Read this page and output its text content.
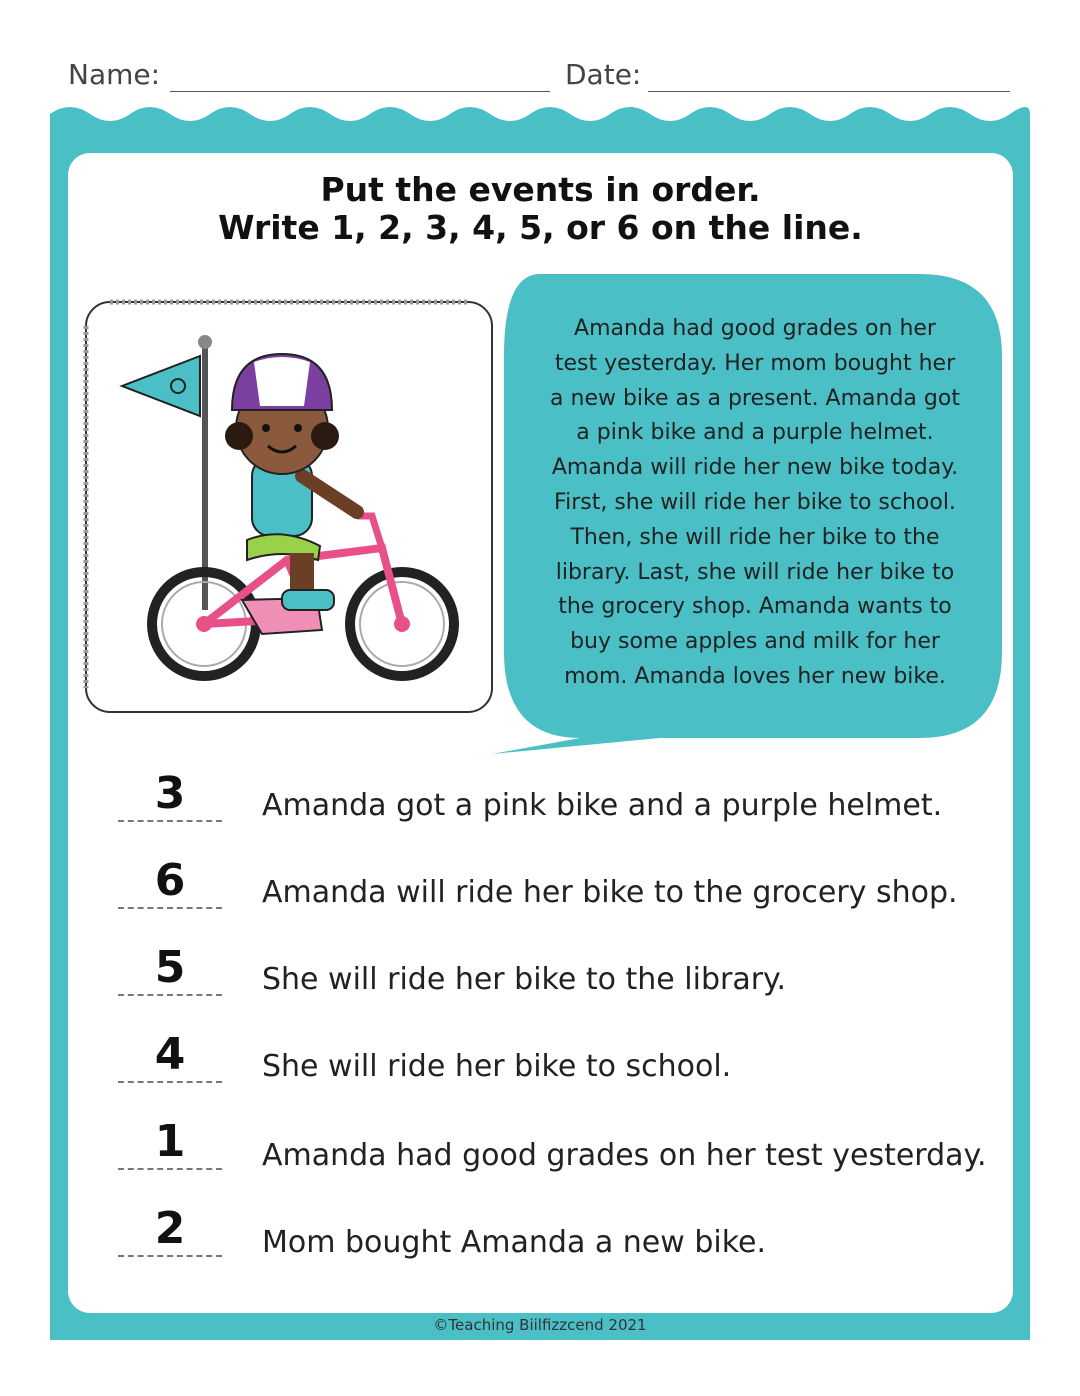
Name:	Date:
Put the events in order.
Write 1, 2, 3, 4, 5, or 6 on the line.
Amanda had good grades on her
test yesterday. Her mom bought her
a new bike as a present. Amanda got
a pink bike and a purple helmet.
Amanda will ride her new bike today.
First, she will ride her bike to school.
Then, she will ride her bike to the
library. Last, she will ride her bike to
the grocery shop. Amanda wants to
buy some apples and milk for her
mom. Amanda loves her new bike.
3	Amanda got a pink bike and a purple helmet.
6	Amanda will ride her bike to the grocery shop.
5	She will ride her bike to the library.
4	She will ride her bike to school.
1	Amanda had good grades on her test yesterday.
2	Mom bought Amanda a new bike.
©Teaching Biilfizzcend 2021
